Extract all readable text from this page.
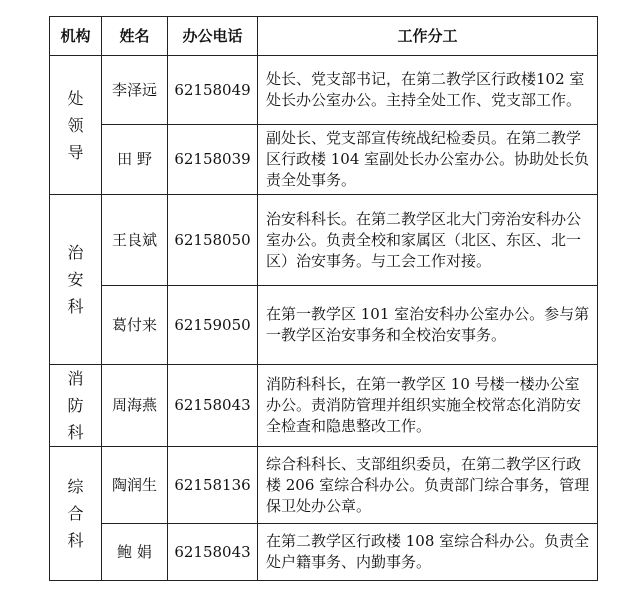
机构	姓名	办公电话	工作分工
处领导	李泽远	62158049	处长、党支部书记，在第二教学区行政楼102 室处长办公室办公。主持全处工作、党支部工作。
	田 野	62158039	副处长、党支部宣传统战纪检委员。在第二教学区行政楼 104 室副处长办公室办公。协助处长负责全处事务。
治安科	王良斌	62158050	治安科科长。在第二教学区北大门旁治安科办公室办公。负责全校和家属区（北区、东区、北一区）治安事务。与工会工作对接。
	葛付来	62159050	在第一教学区 101 室治安科办公室办公。参与第一教学区治安事务和全校治安事务。
消防科	周海燕	62158043	消防科科长，在第一教学区 10 号楼一楼办公室办公。责消防管理并组织实施全校常态化消防安全检查和隐患整改工作。
综合科	陶润生	62158136	综合科科长、支部组织委员，在第二教学区行政楼 206 室综合科办公。负责部门综合事务，管理保卫处办公章。
	鲍 娟	62158043	在第二教学区行政楼 108 室综合科办公。负责全处户籍事务、内勤事务。
